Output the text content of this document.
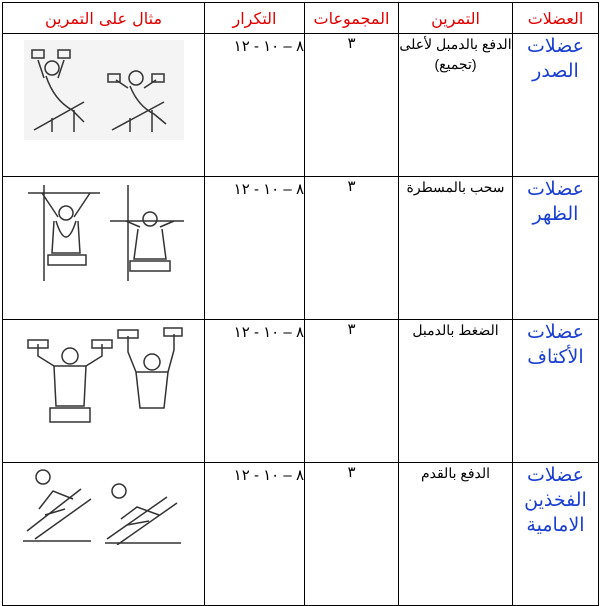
العضلات	التمرين	المجموعات	التكرار	مثال على التمرين
عضلات الصدر	الدفع بالدمبل لأعلى (تجميع)	٣	٨ – ١٠ - ١٢	

عضلات الظهر	سحب بالمسطرة	٣	٨ – ١٠ - ١٢	

عضلات الأكتاف	الضغط بالدمبل	٣	٨ – ١٠ - ١٢	

عضلات الفخذين الامامية	الدفع بالقدم	٣	٨ – ١٠ - ١٢	
